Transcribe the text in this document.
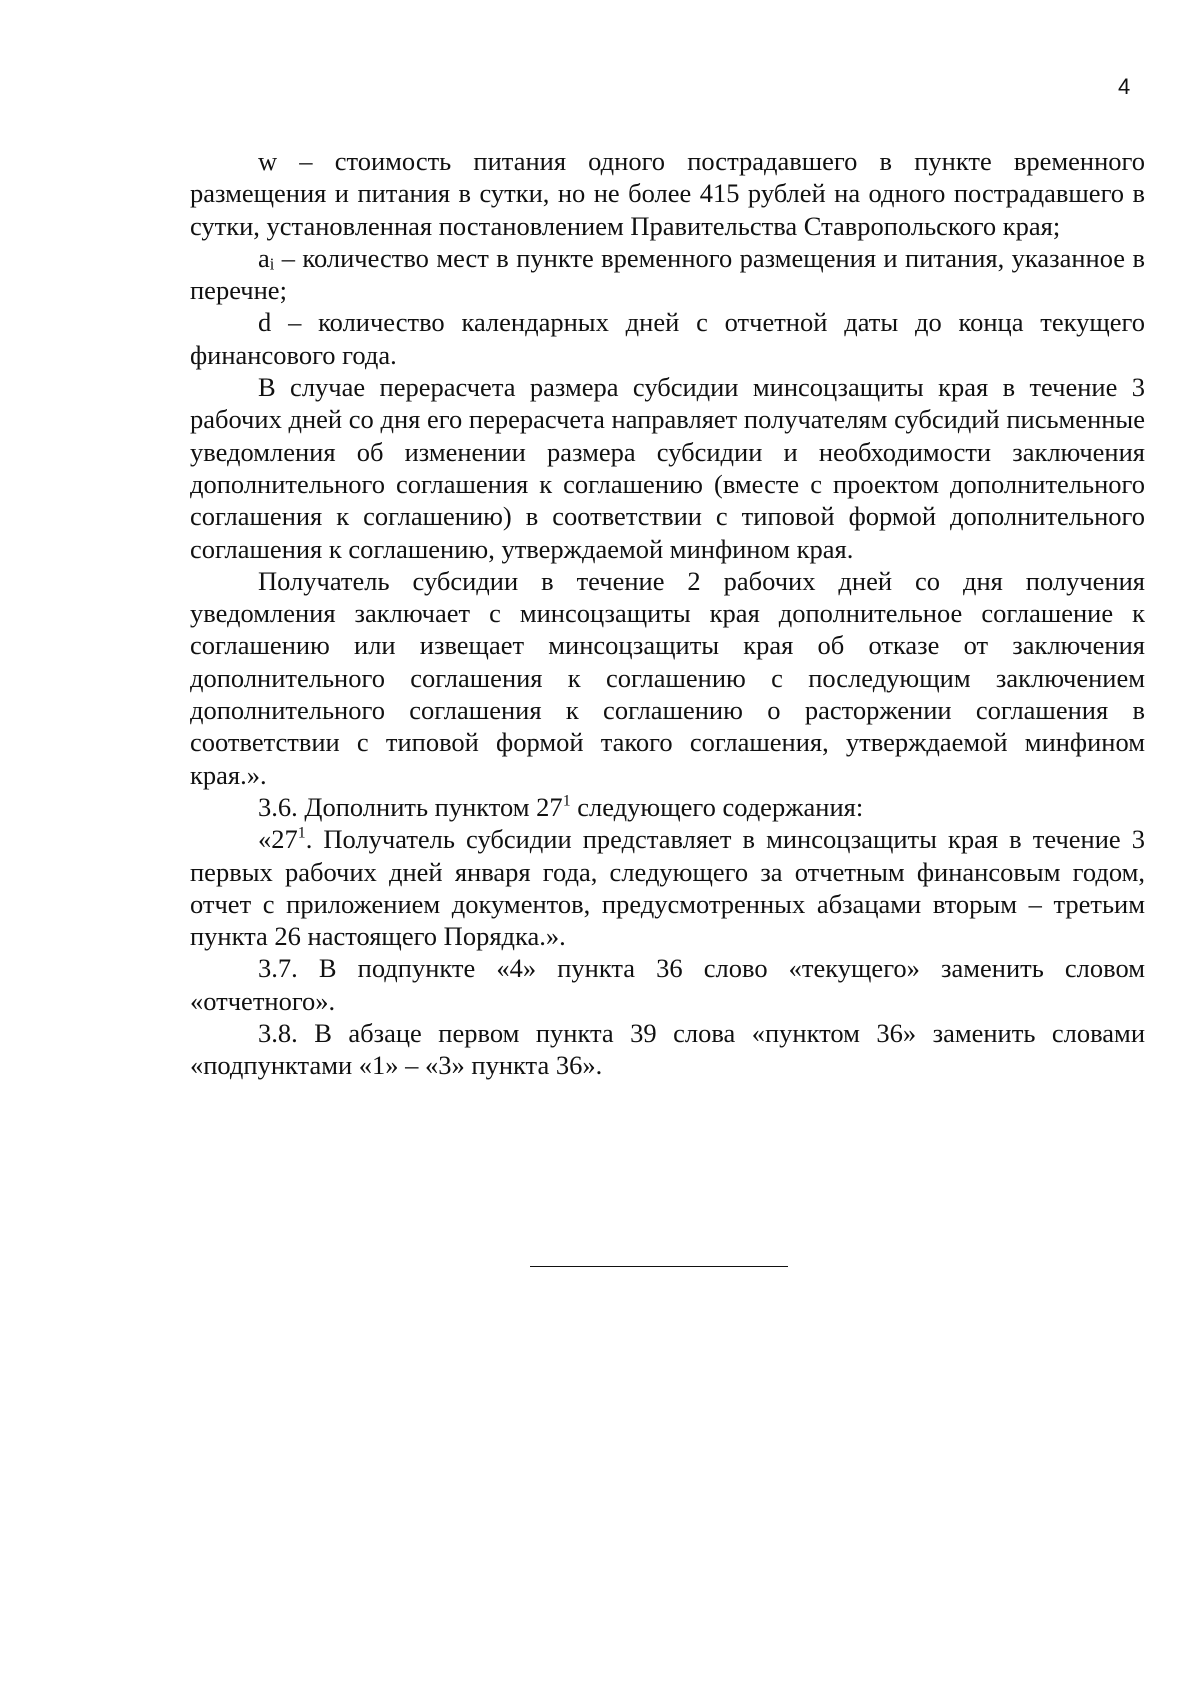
4

w – стоимость питания одного пострадавшего в пункте временного размещения и питания в сутки, но не более 415 рублей на одного пострадавшего в сутки, установленная постановлением Правительства Ставропольского края;

$a_i$ – количество мест в пункте временного размещения и питания, указанное в перечне;

d – количество календарных дней с отчетной даты до конца текущего финансового года.

В случае перерасчета размера субсидии минсоцзащиты края в течение 3 рабочих дней со дня его перерасчета направляет получателям субсидий письменные уведомления об изменении размера субсидии и необходимости заключения дополнительного соглашения к соглашению (вместе с проектом дополнительного соглашения к соглашению) в соответствии с типовой формой дополнительного соглашения к соглашению, утверждаемой минфином края.

Получатель субсидии в течение 2 рабочих дней со дня получения уведомления заключает с минсоцзащиты края дополнительное соглашение к соглашению или извещает минсоцзащиты края об отказе от заключения дополнительного соглашения к соглашению с последующим заключением дополнительного соглашения к соглашению о расторжении соглашения в соответствии с типовой формой такого соглашения, утверждаемой минфином края.».

3.6. Дополнить пунктом $27^1$ следующего содержания:

«$27^1$. Получатель субсидии представляет в минсоцзащиты края в течение 3 первых рабочих дней января года, следующего за отчетным финансовым годом, отчет с приложением документов, предусмотренных абзацами вторым – третьим пункта 26 настоящего Порядка.».

3.7. В подпункте «4» пункта 36 слово «текущего» заменить словом «отчетного».

3.8. В абзаце первом пункта 39 слова «пунктом 36» заменить словами «подпунктами «1» – «3» пункта 36».
